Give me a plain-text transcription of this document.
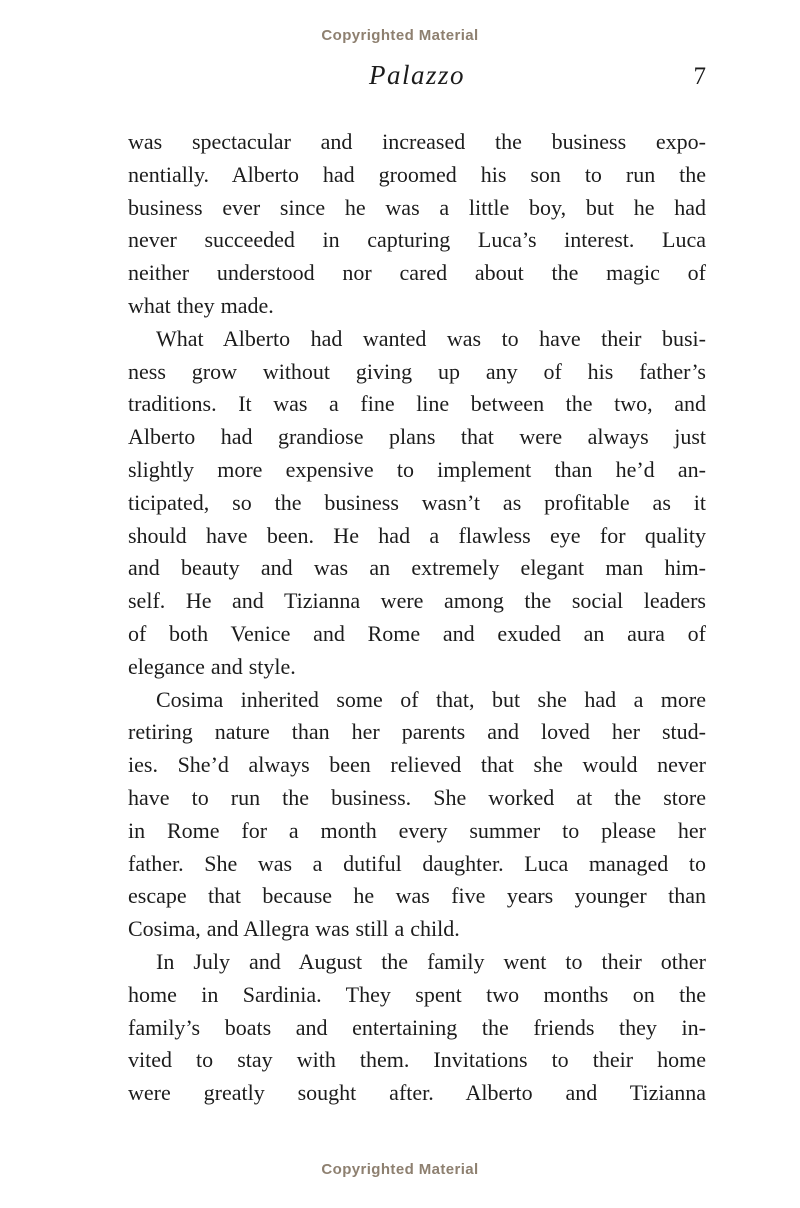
Copyrighted Material
Palazzo	7
was spectacular and increased the business expo-
nentially. Alberto had groomed his son to run the
business ever since he was a little boy, but he had
never succeeded in capturing Luca’s interest. Luca
neither understood nor cared about the magic of
what they made.
What Alberto had wanted was to have their busi-
ness grow without giving up any of his father’s
traditions. It was a fine line between the two, and
Alberto had grandiose plans that were always just
slightly more expensive to implement than he’d an-
ticipated, so the business wasn’t as profitable as it
should have been. He had a flawless eye for quality
and beauty and was an extremely elegant man him-
self. He and Tizianna were among the social leaders
of both Venice and Rome and exuded an aura of
elegance and style.
Cosima inherited some of that, but she had a more
retiring nature than her parents and loved her stud-
ies. She’d always been relieved that she would never
have to run the business. She worked at the store
in Rome for a month every summer to please her
father. She was a dutiful daughter. Luca managed to
escape that because he was five years younger than
Cosima, and Allegra was still a child.
In July and August the family went to their other
home in Sardinia. They spent two months on the
family’s boats and entertaining the friends they in-
vited to stay with them. Invitations to their home
were greatly sought after. Alberto and Tizianna
Copyrighted Material
